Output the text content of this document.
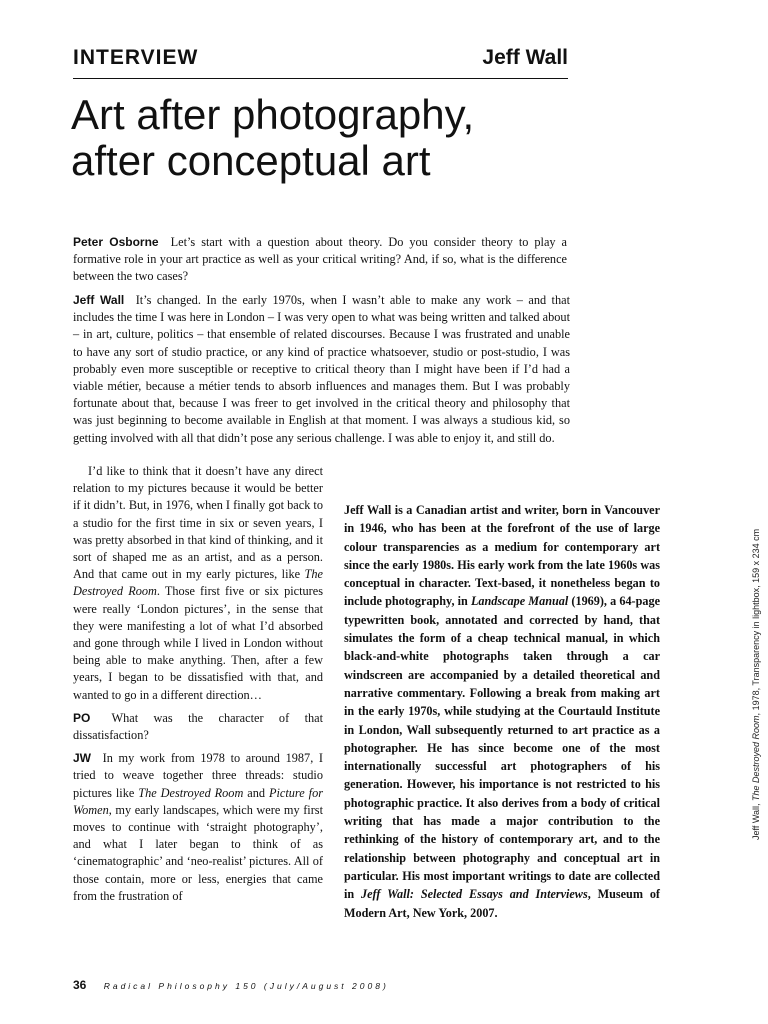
INTERVIEW	Jeff Wall
Art after photography,
after conceptual art

Peter Osborne Let’s start with a question about theory. Do you consider theory to play a formative role in your art practice as well as your critical writing? And, if so, what is the difference between the two cases?

Jeff Wall It’s changed. In the early 1970s, when I wasn’t able to make any work – and that includes the time I was here in London – I was very open to what was being written and talked about – in art, culture, politics – that ensemble of related discourses. Because I was frustrated and unable to have any sort of studio practice, or any kind of practice whatsoever, studio or post-studio, I was probably even more susceptible or receptive to critical theory than I might have been if I’d had a viable métier, because a métier tends to absorb influences and manages them. But I was probably fortunate about that, because I was freer to get involved in the critical theory and philosophy that was just beginning to become available in English at that moment. I was always a studious kid, so getting involved with all that didn’t pose any serious challenge. I was able to enjoy it, and still do.

I’d like to think that it doesn’t have any direct relation to my pictures because it would be better if it didn’t. But, in 1976, when I finally got back to a studio for the first time in six or seven years, I was pretty absorbed in that kind of thinking, and it sort of shaped me as an artist, and as a person. And that came out in my early pictures, like The Destroyed Room. Those first five or six pictures were really ‘London pictures’, in the sense that they were manifesting a lot of what I’d absorbed and gone through while I lived in London without being able to make anything. Then, after a few years, I began to be dissatisfied with that, and wanted to go in a different direction…

PO What was the character of that dissatisfaction?

JW In my work from 1978 to around 1987, I tried to weave together three threads: studio pictures like The Destroyed Room and Picture for Women, my early landscapes, which were my first moves to continue with ‘straight photography’, and what I later began to think of as ‘cinematographic’ and ‘neo-realist’ pictures. All of those contain, more or less, energies that came from the frustration of

Jeff Wall is a Canadian artist and writer, born in Vancouver in 1946, who has been at the forefront of the use of large colour transparencies as a medium for contemporary art since the early 1980s. His early work from the late 1960s was conceptual in character. Text-based, it nonetheless began to include photography, in Landscape Manual (1969), a 64-page typewritten book, annotated and corrected by hand, that simulates the form of a cheap technical manual, in which black-and-white photographs taken through a car windscreen are accompanied by a detailed theoretical and narrative commentary. Following a break from making art in the early 1970s, while studying at the Courtauld Institute in London, Wall subsequently returned to art practice as a photographer. He has since become one of the most internationally successful art photographers of his generation. However, his importance is not restricted to his photographic practice. It also derives from a body of critical writing that has made a major contribution to the rethinking of the history of contemporary art, and to the relationship between photography and conceptual art in particular. His most important writings to date are collected in Jeff Wall: Selected Essays and Interviews, Museum of Modern Art, New York, 2007.

Jeff Wall, The Destroyed Room, 1978, Transparency in lightbox, 159 x 234 cm
36 Radical Philosophy 150 (July/August 2008)
